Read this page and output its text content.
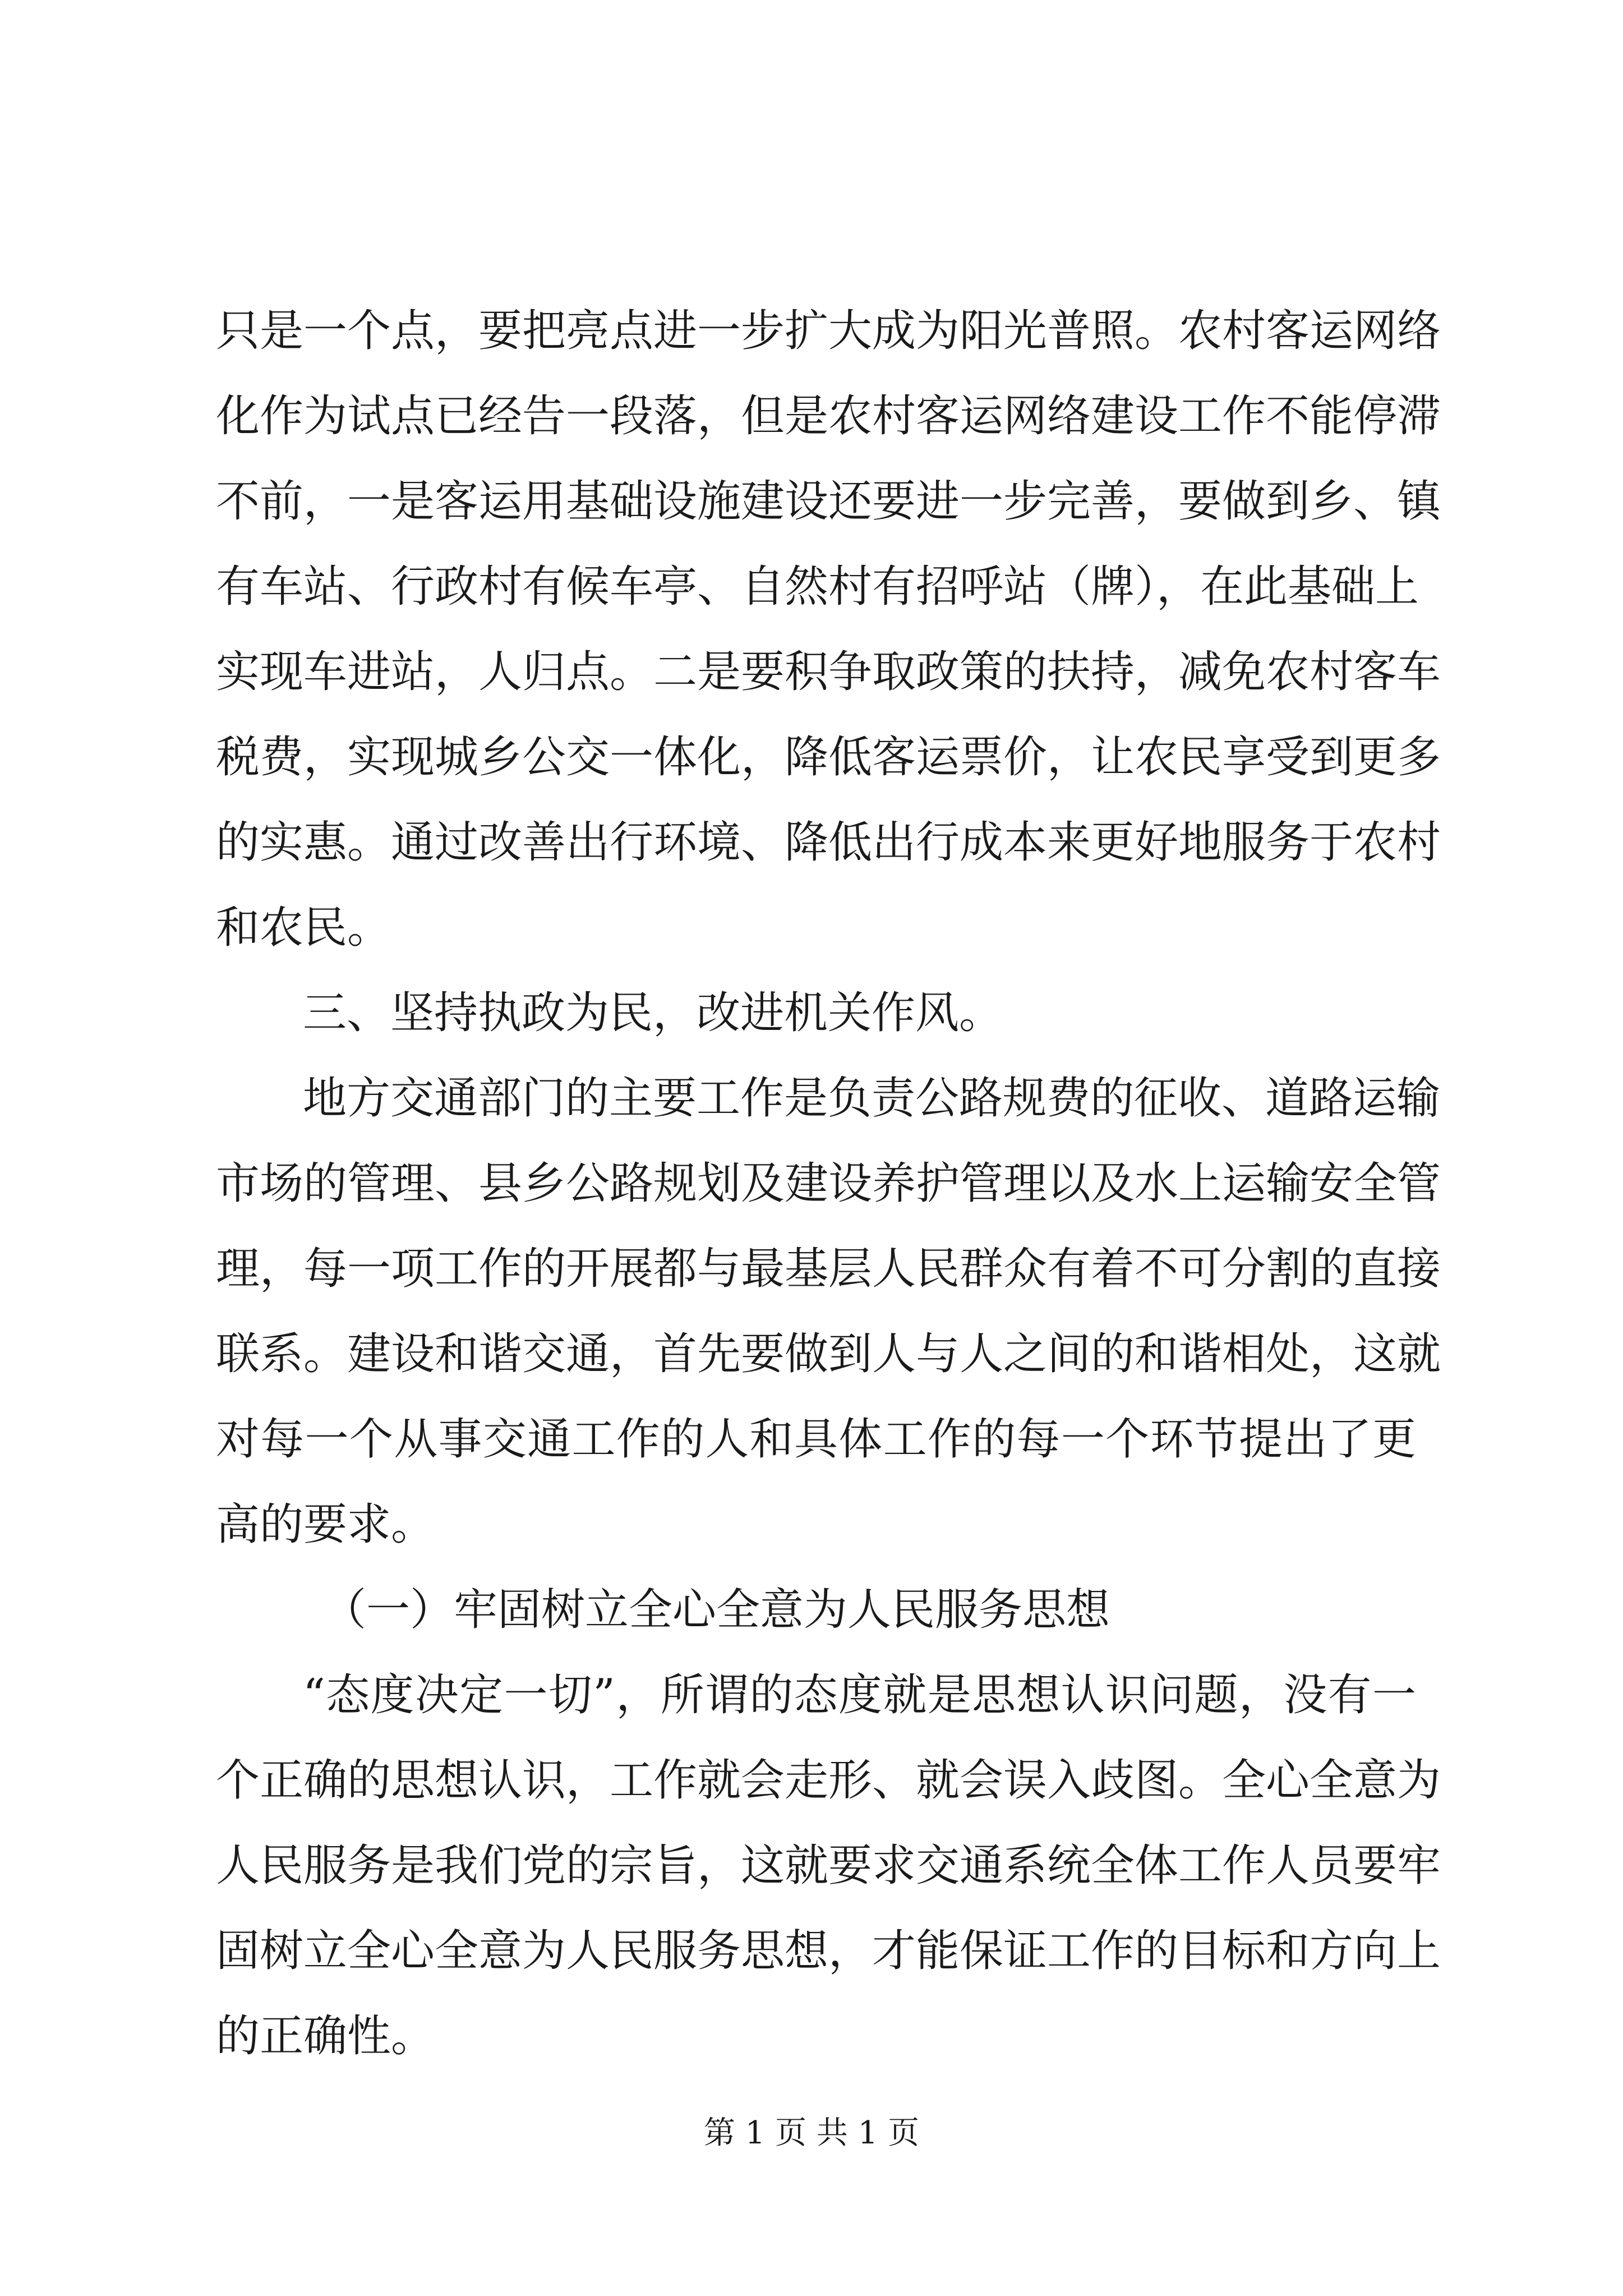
只是一个点，要把亮点进一步扩大成为阳光普照。农村客运网络
化作为试点已经告一段落，但是农村客运网络建设工作不能停滞
不前，一是客运用基础设施建设还要进一步完善，要做到乡、镇
有车站、行政村有候车亭、自然村有招呼站（牌），在此基础上
实现车进站，人归点。二是要积争取政策的扶持，减免农村客车
税费，实现城乡公交一体化，降低客运票价，让农民享受到更多
的实惠。通过改善出行环境、降低出行成本来更好地服务于农村
和农民。
三、坚持执政为民，改进机关作风。
地方交通部门的主要工作是负责公路规费的征收、道路运输
市场的管理、县乡公路规划及建设养护管理以及水上运输安全管
理，每一项工作的开展都与最基层人民群众有着不可分割的直接
联系。建设和谐交通，首先要做到人与人之间的和谐相处，这就
对每一个从事交通工作的人和具体工作的每一个环节提出了更
高的要求。
（一）牢固树立全心全意为人民服务思想
“态度决定一切”，所谓的态度就是思想认识问题，没有一
个正确的思想认识，工作就会走形、就会误入歧图。全心全意为
人民服务是我们党的宗旨，这就要求交通系统全体工作人员要牢
固树立全心全意为人民服务思想，才能保证工作的目标和方向上
的正确性。
第 1 页 共 1 页
